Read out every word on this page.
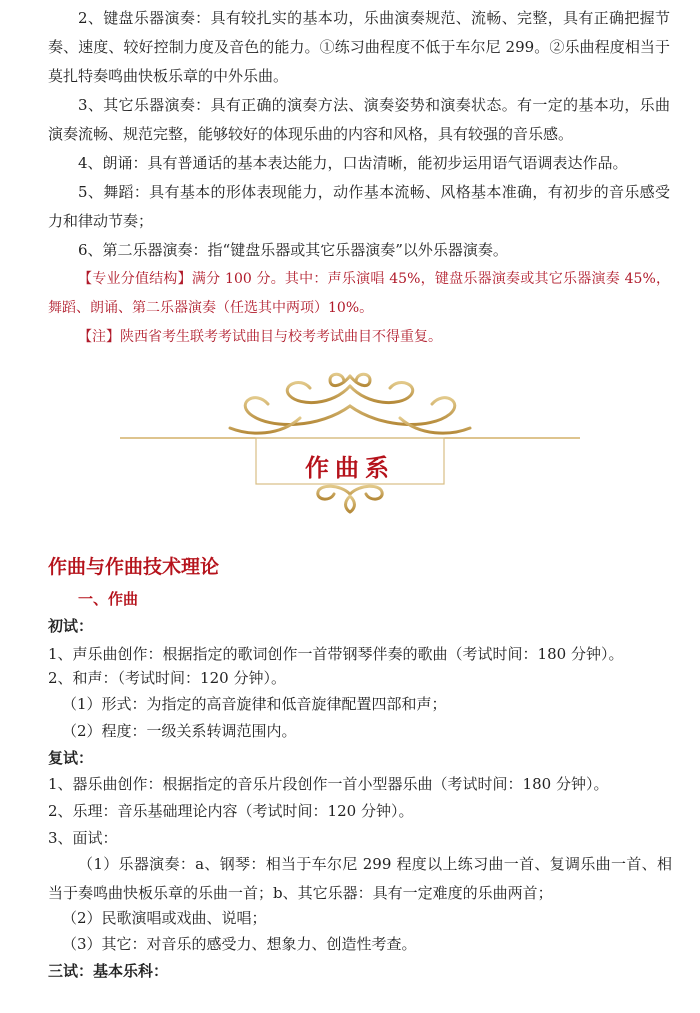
2、键盘乐器演奏：具有较扎实的基本功，乐曲演奏规范、流畅、完整，具有正确把握节奏、速度、较好控制力度及音色的能力。①练习曲程度不低于车尔尼 299。②乐曲程度相当于莫扎特奏鸣曲快板乐章的中外乐曲。
3、其它乐器演奏：具有正确的演奏方法、演奏姿势和演奏状态。有一定的基本功，乐曲演奏流畅、规范完整，能够较好的体现乐曲的内容和风格，具有较强的音乐感。
4、朗诵：具有普通话的基本表达能力，口齿清晰，能初步运用语气语调表达作品。
5、舞蹈：具有基本的形体表现能力，动作基本流畅、风格基本准确，有初步的音乐感受力和律动节奏；
6、第二乐器演奏：指“键盘乐器或其它乐器演奏”以外乐器演奏。
【专业分值结构】满分 100 分。其中：声乐演唱 45%，键盘乐器演奏或其它乐器演奏 45%，舞蹈、朗诵、第二乐器演奏（任选其中两项）10%。
【注】陕西省考生联考考试曲目与校考考试曲目不得重复。
作曲系
作曲与作曲技术理论
一、作曲
初试：
1、声乐曲创作：根据指定的歌词创作一首带钢琴伴奏的歌曲（考试时间：180 分钟）。
2、和声：（考试时间：120 分钟）。
（1）形式：为指定的高音旋律和低音旋律配置四部和声；
（2）程度：一级关系转调范围内。
复试：
1、器乐曲创作：根据指定的音乐片段创作一首小型器乐曲（考试时间：180 分钟）。
2、乐理：音乐基础理论内容（考试时间：120 分钟）。
3、面试：
（1）乐器演奏：a、钢琴：相当于车尔尼 299 程度以上练习曲一首、复调乐曲一首、相当于奏鸣曲快板乐章的乐曲一首；b、其它乐器：具有一定难度的乐曲两首；
（2）民歌演唱或戏曲、说唱；
（3）其它：对音乐的感受力、想象力、创造性考查。
三试：基本乐科：
